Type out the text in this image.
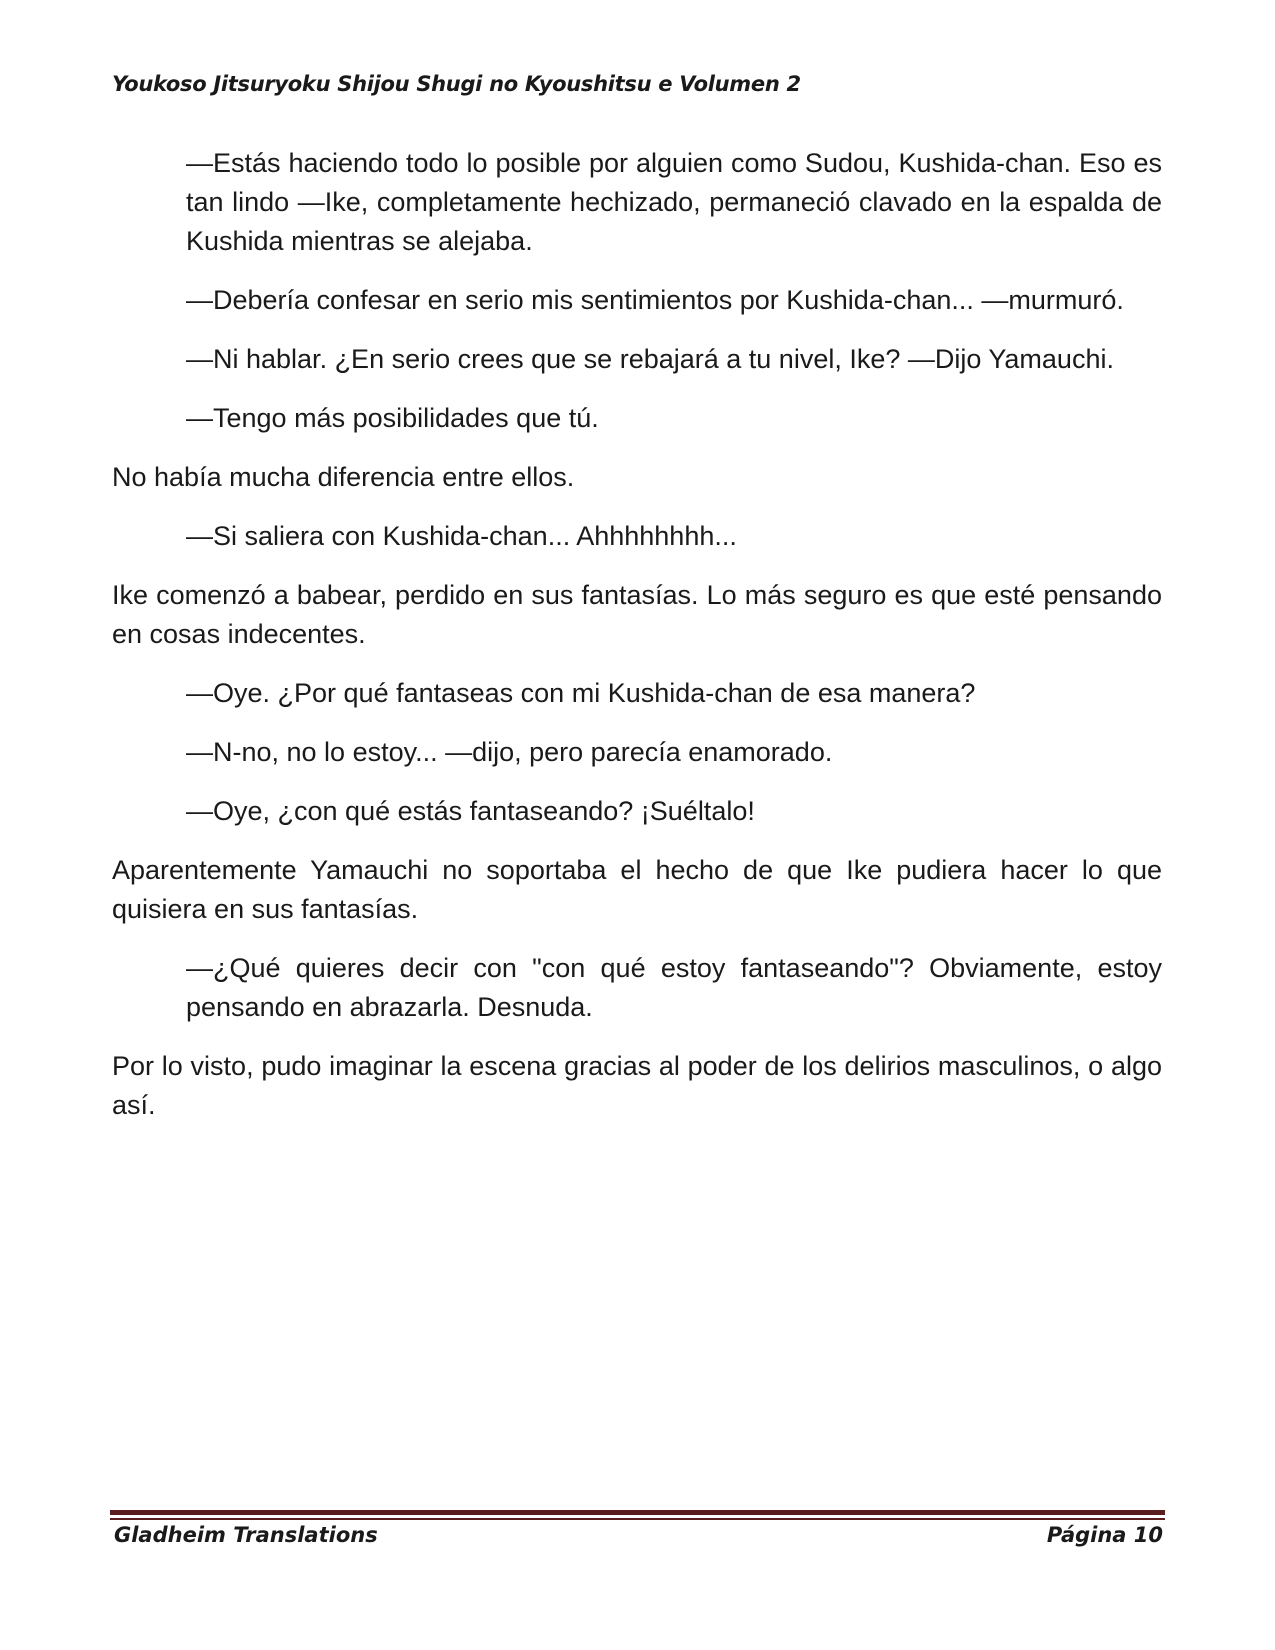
Youkoso Jitsuryoku Shijou Shugi no Kyoushitsu e Volumen 2

—Estás haciendo todo lo posible por alguien como Sudou, Kushida-chan. Eso es tan lindo —Ike, completamente hechizado, permaneció clavado en la espalda de Kushida mientras se alejaba.

—Debería confesar en serio mis sentimientos por Kushida-chan... —murmuró.

—Ni hablar. ¿En serio crees que se rebajará a tu nivel, Ike? —Dijo Yamauchi.

—Tengo más posibilidades que tú.

No había mucha diferencia entre ellos.

—Si saliera con Kushida-chan... Ahhhhhhhh...

Ike comenzó a babear, perdido en sus fantasías. Lo más seguro es que esté pensando en cosas indecentes.

—Oye. ¿Por qué fantaseas con mi Kushida-chan de esa manera?

—N-no, no lo estoy... —dijo, pero parecía enamorado.

—Oye, ¿con qué estás fantaseando? ¡Suéltalo!

Aparentemente Yamauchi no soportaba el hecho de que Ike pudiera hacer lo que quisiera en sus fantasías.

—¿Qué quieres decir con "con qué estoy fantaseando"? Obviamente, estoy pensando en abrazarla. Desnuda.

Por lo visto, pudo imaginar la escena gracias al poder de los delirios masculinos, o algo así.

Gladheim Translations	Página 10
